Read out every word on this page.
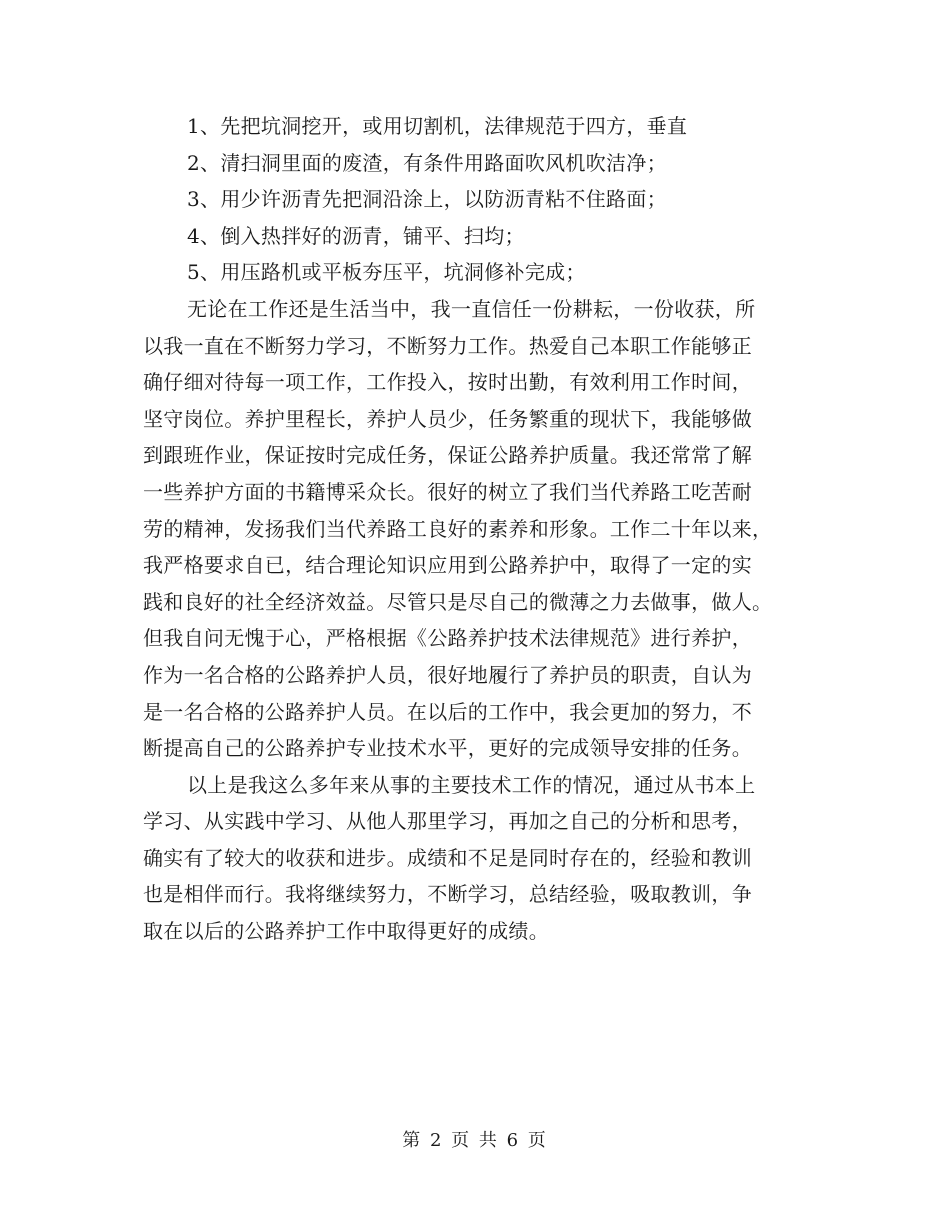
1、先把坑洞挖开，或用切割机，法律规范于四方，垂直
2、清扫洞里面的废渣，有条件用路面吹风机吹洁净；
3、用少许沥青先把洞沿涂上，以防沥青粘不住路面；
4、倒入热拌好的沥青，铺平、扫均；
5、用压路机或平板夯压平，坑洞修补完成；
无论在工作还是生活当中，我一直信任一份耕耘，一份收获，所
以我一直在不断努力学习，不断努力工作。热爱自己本职工作能够正
确仔细对待每一项工作，工作投入，按时出勤，有效利用工作时间，
坚守岗位。养护里程长，养护人员少，任务繁重的现状下，我能够做
到跟班作业，保证按时完成任务，保证公路养护质量。我还常常了解
一些养护方面的书籍博采众长。很好的树立了我们当代养路工吃苦耐
劳的精神，发扬我们当代养路工良好的素养和形象。工作二十年以来，
我严格要求自已，结合理论知识应用到公路养护中，取得了一定的实
践和良好的社全经济效益。尽管只是尽自己的微薄之力去做事，做人。
但我自问无愧于心，严格根据《公路养护技术法律规范》进行养护，
作为一名合格的公路养护人员，很好地履行了养护员的职责，自认为
是一名合格的公路养护人员。在以后的工作中，我会更加的努力，不
断提高自己的公路养护专业技术水平，更好的完成领导安排的任务。
以上是我这么多年来从事的主要技术工作的情况，通过从书本上
学习、从实践中学习、从他人那里学习，再加之自己的分析和思考，
确实有了较大的收获和进步。成绩和不足是同时存在的，经验和教训
也是相伴而行。我将继续努力，不断学习，总结经验，吸取教训，争
取在以后的公路养护工作中取得更好的成绩。
第 2 页 共 6 页
